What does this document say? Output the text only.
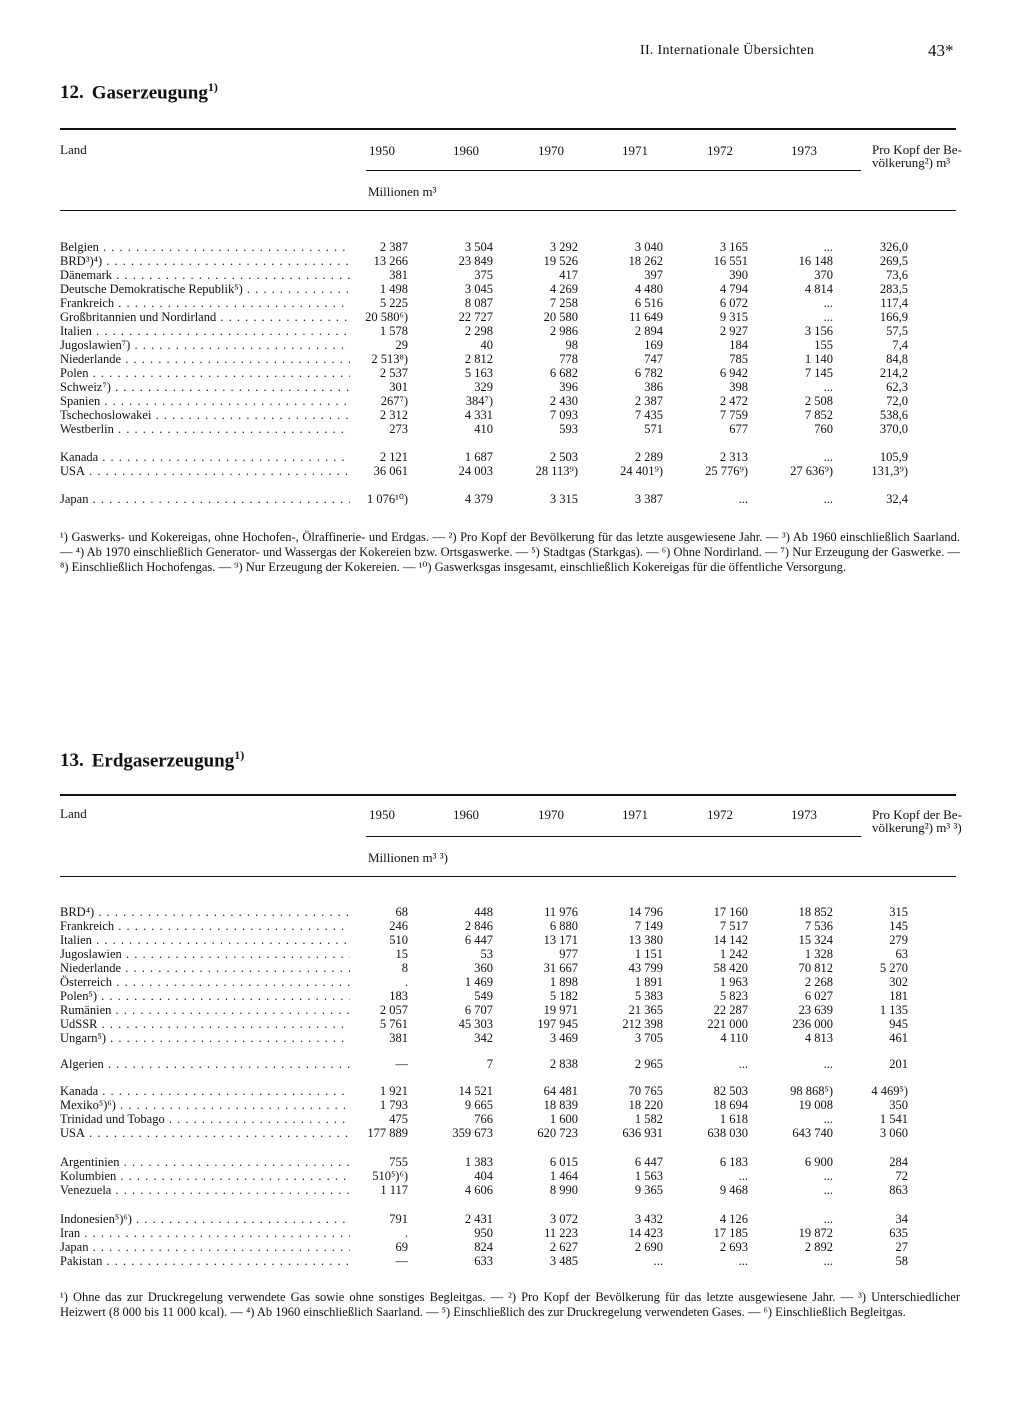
II. Internationale Übersichten	43*
12. Gaserzeugung$^{1)}$
Land	1950	1960	1970	1971	1972	1973	Pro Kopf der Be- völkerung²) m³
Millionen m³
Belgien . . .	2 387	3 504	3 292	3 040	3 165	...	326,0
BRD³)⁴) . . .	13 266	23 849	19 526	18 262	16 551	16 148	269,5
Dänemark . . .	381	375	417	397	390	370	73,6
Deutsche Demokratische Republik⁵) . . .	1 498	3 045	4 269	4 480	4 794	4 814	283,5
Frankreich . . .	5 225	8 087	7 258	6 516	6 072	...	117,4
Großbritannien und Nordirland . . .	20 580⁶)	22 727	20 580	11 649	9 315	...	166,9
Italien . . .	1 578	2 298	2 986	2 894	2 927	3 156	57,5
Jugoslawien⁷) . . .	29	40	98	169	184	155	7,4
Niederlande . . .	2 513⁸)	2 812	778	747	785	1 140	84,8
Polen . . .	2 537	5 163	6 682	6 782	6 942	7 145	214,2
Schweiz⁷) . . .	301	329	396	386	398	...	62,3
Spanien . . .	267⁷)	384⁷)	2 430	2 387	2 472	2 508	72,0
Tschechoslowakei . . .	2 312	4 331	7 093	7 435	7 759	7 852	538,6
Westberlin . . .	273	410	593	571	677	760	370,0
Kanada . . .	2 121	1 687	2 503	2 289	2 313	...	105,9
USA . . .	36 061	24 003	28 113⁹)	24 401⁹)	25 776⁹)	27 636⁹)	131,3⁹)
Japan . . .	1 076¹⁰)	4 379	3 315	3 387	...	...	32,4
¹) Gaswerks- und Kokereigas, ohne Hochofen-, Ölraffinerie- und Erdgas. — ²) Pro Kopf der Bevölkerung für das letzte ausgewiesene Jahr. — ³) Ab 1960 einschließlich Saarland. — ⁴) Ab 1970 einschließlich Generator- und Wassergas der Kokereien bzw. Ortsgaswerke. — ⁵) Stadtgas (Starkgas). — ⁶) Ohne Nordirland. — ⁷) Nur Erzeugung der Gaswerke. — ⁸) Einschließlich Hochofengas. — ⁹) Nur Erzeugung der Kokereien. — ¹⁰) Gaswerksgas insgesamt, einschließlich Kokereigas für die öffentliche Versorgung.
13. Erdgaserzeugung$^{1)}$
Land	1950	1960	1970	1971	1972	1973	Pro Kopf der Be- völkerung²) m³ ³)
Millionen m³ ³)
BRD⁴) . . .	68	448	11 976	14 796	17 160	18 852	315
Frankreich . . .	246	2 846	6 880	7 149	7 517	7 536	145
Italien . . .	510	6 447	13 171	13 380	14 142	15 324	279
Jugoslawien . . .	15	53	977	1 151	1 242	1 328	63
Niederlande . . .	8	360	31 667	43 799	58 420	70 812	5 270
Österreich . . .	.	1 469	1 898	1 891	1 963	2 268	302
Polen⁵) . . .	183	549	5 182	5 383	5 823	6 027	181
Rumänien . . .	2 057	6 707	19 971	21 365	22 287	23 639	1 135
UdSSR . . .	5 761	45 303	197 945	212 398	221 000	236 000	945
Ungarn⁵) . . .	381	342	3 469	3 705	4 110	4 813	461
Algerien . . .	—	7	2 838	2 965	...	...	201
Kanada . . .	1 921	14 521	64 481	70 765	82 503	98 868⁵)	4 469⁵)
Mexiko⁵)⁶) . . .	1 793	9 665	18 839	18 220	18 694	19 008	350
Trinidad und Tobago . . .	475	766	1 600	1 582	1 618	...	1 541
USA . . .	177 889	359 673	620 723	636 931	638 030	643 740	3 060
Argentinien . . .	755	1 383	6 015	6 447	6 183	6 900	284
Kolumbien . . .	510⁵)⁶)	404	1 464	1 563	...	...	72
Venezuela . . .	1 117	4 606	8 990	9 365	9 468	...	863
Indonesien⁵)⁶) . . .	791	2 431	3 072	3 432	4 126	...	34
Iran . . .	.	950	11 223	14 423	17 185	19 872	635
Japan . . .	69	824	2 627	2 690	2 693	2 892	27
Pakistan . . .	—	633	3 485	...	...	...	58
¹) Ohne das zur Druckregelung verwendete Gas sowie ohne sonstiges Begleitgas. — ²) Pro Kopf der Bevölkerung für das letzte ausgewiesene Jahr. — ³) Unterschiedlicher Heizwert (8 000 bis 11 000 kcal). — ⁴) Ab 1960 einschließlich Saarland. — ⁵) Einschließlich des zur Druckregelung verwendeten Gases. — ⁶) Einschließlich Begleitgas.
